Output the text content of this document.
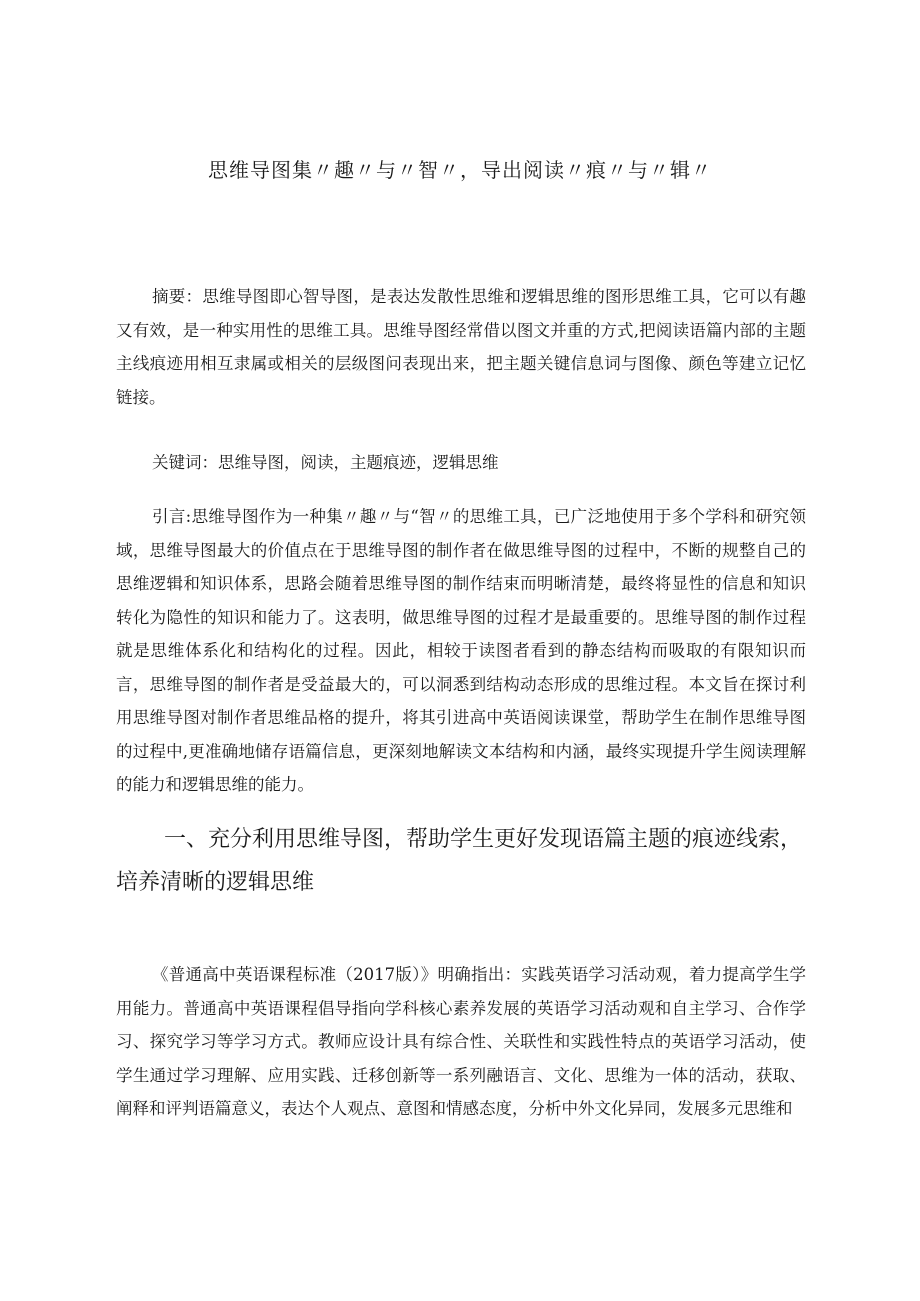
思维导图集〃趣〃与〃智〃，导出阅读〃痕〃与〃辑〃

摘要：思维导图即心智导图，是表达发散性思维和逻辑思维的图形思维工具，它可以有趣又有效，是一种实用性的思维工具。思维导图经常借以图文并重的方式,把阅读语篇内部的主题主线痕迹用相互隶属或相关的层级图问表现出来，把主题关键信息词与图像、颜色等建立记忆链接。

关键词：思维导图，阅读，主题痕迹，逻辑思维

引言:思维导图作为一种集〃趣〃与“智〃的思维工具，已广泛地使用于多个学科和研究领域，思维导图最大的价值点在于思维导图的制作者在做思维导图的过程中，不断的规整自己的思维逻辑和知识体系，思路会随着思维导图的制作结束而明晰清楚，最终将显性的信息和知识转化为隐性的知识和能力了。这表明，做思维导图的过程才是最重要的。思维导图的制作过程就是思维体系化和结构化的过程。因此，相较于读图者看到的静态结构而吸取的有限知识而言，思维导图的制作者是受益最大的，可以洞悉到结构动态形成的思维过程。本文旨在探讨利用思维导图对制作者思维品格的提升，将其引进高中英语阅读课堂，帮助学生在制作思维导图的过程中,更准确地储存语篇信息，更深刻地解读文本结构和内涵，最终实现提升学生阅读理解的能力和逻辑思维的能力。

一、充分利用思维导图，帮助学生更好发现语篇主题的痕迹线索，培养清晰的逻辑思维

《普通高中英语课程标准（2017版）》明确指出：实践英语学习活动观，着力提高学生学用能力。普通高中英语课程倡导指向学科核心素养发展的英语学习活动观和自主学习、合作学习、探究学习等学习方式。教师应设计具有综合性、关联性和实践性特点的英语学习活动，使学生通过学习理解、应用实践、迁移创新等一系列融语言、文化、思维为一体的活动，获取、阐释和评判语篇意义，表达个人观点、意图和情感态度，分析中外文化异同，发展多元思维和
